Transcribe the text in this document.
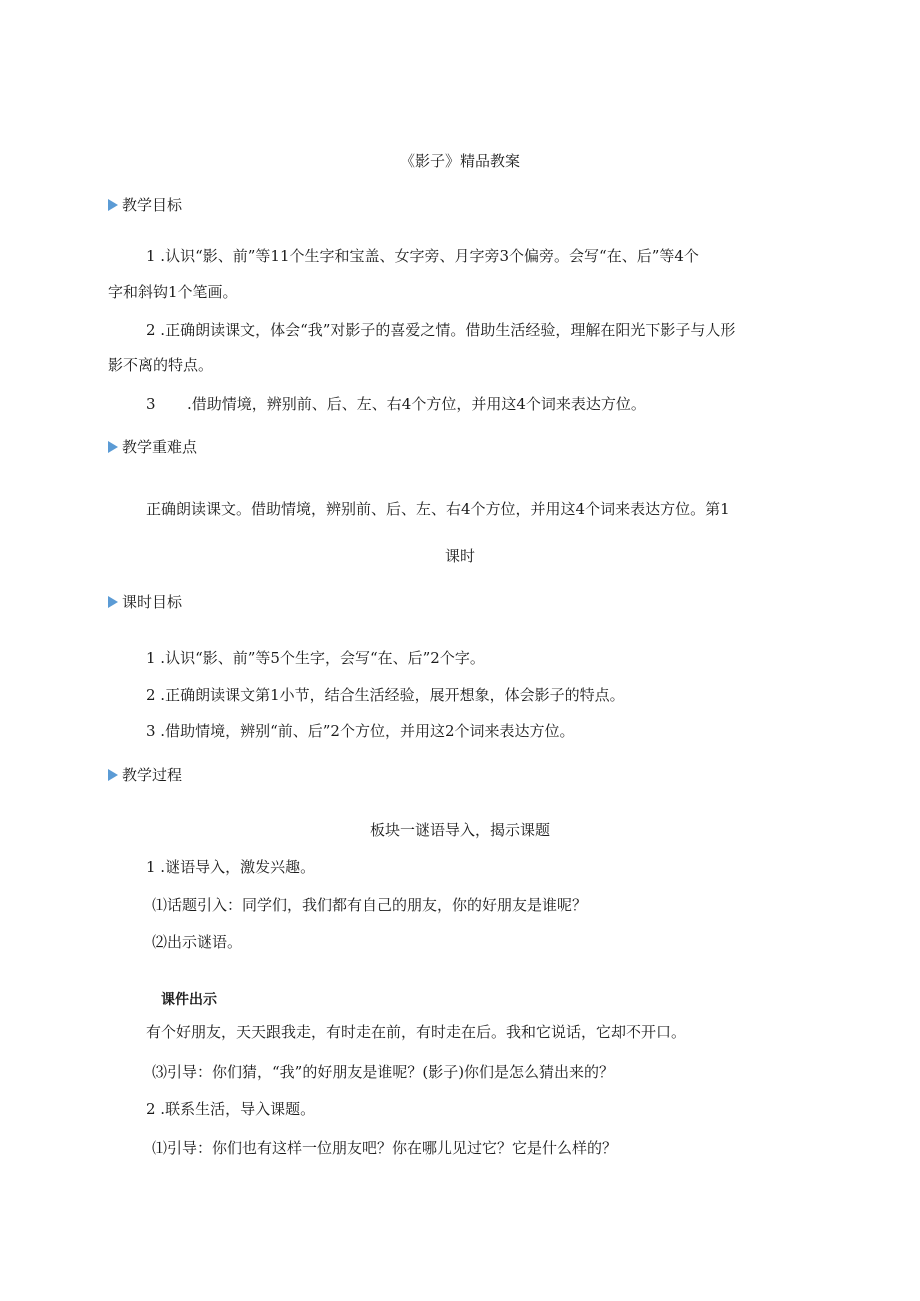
《影子》精品教案

教学目标

1 .认识“影、前”等11个生字和宝盖、女字旁、月字旁3个偏旁。会写“在、后”等4个

字和斜钩1个笔画。

2 .正确朗读课文，体会“我”对影子的喜爱之情。借助生活经验，理解在阳光下影子与人形

影不离的特点。

3 .借助情境，辨别前、后、左、右4个方位，并用这4个词来表达方位。

教学重难点

正确朗读课文。借助情境，辨别前、后、左、右4个方位，并用这4个词来表达方位。第1

课时

课时目标

1 .认识“影、前”等5个生字，会写“在、后”2个字。

2 .正确朗读课文第1小节，结合生活经验，展开想象，体会影子的特点。

3 .借助情境，辨别“前、后”2个方位，并用这2个词来表达方位。

教学过程

板块一谜语导入，揭示课题

1 .谜语导入，激发兴趣。

⑴话题引入：同学们，我们都有自己的朋友，你的好朋友是谁呢？

⑵出示谜语。

课件出示

有个好朋友，天天跟我走，有时走在前，有时走在后。我和它说话，它却不开口。

⑶引导：你们猜，“我”的好朋友是谁呢？(影子)你们是怎么猜出来的？

2 .联系生活，导入课题。

⑴引导：你们也有这样一位朋友吧？你在哪儿见过它？它是什么样的？
